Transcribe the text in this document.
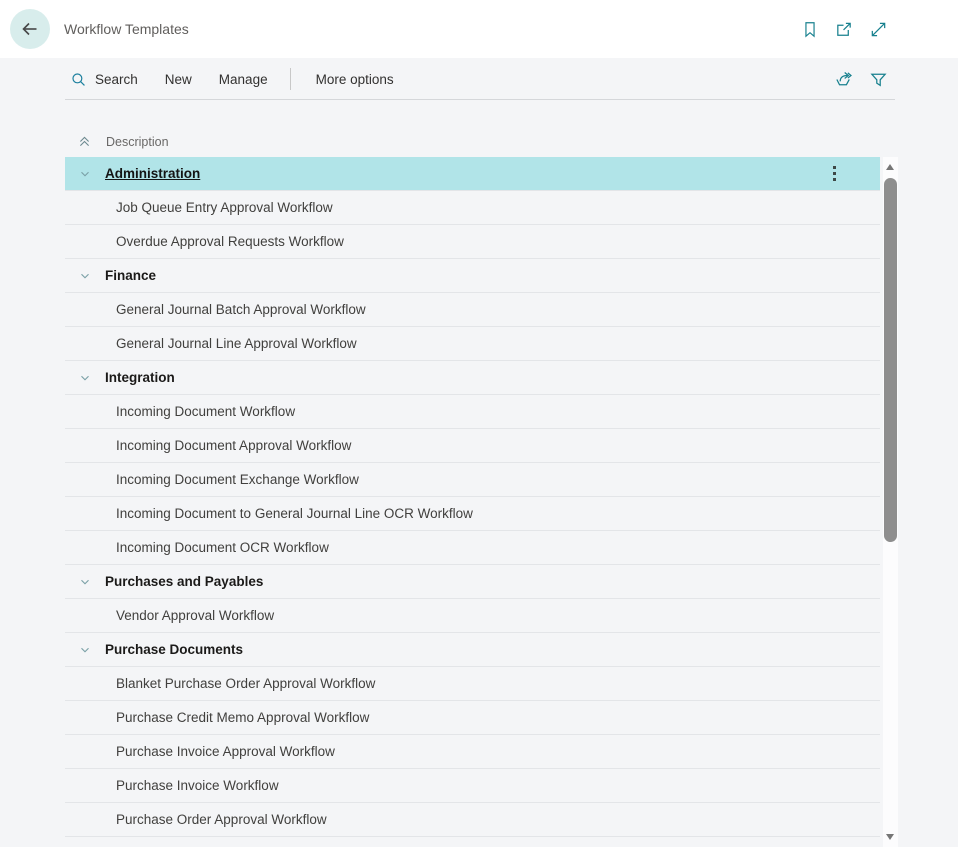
Workflow Templates
Search New Manage	More options
Description
Administration
Job Queue Entry Approval Workflow
Overdue Approval Requests Workflow
Finance
General Journal Batch Approval Workflow
General Journal Line Approval Workflow
Integration
Incoming Document Workflow
Incoming Document Approval Workflow
Incoming Document Exchange Workflow
Incoming Document to General Journal Line OCR Workflow
Incoming Document OCR Workflow
Purchases and Payables
Vendor Approval Workflow
Purchase Documents
Blanket Purchase Order Approval Workflow
Purchase Credit Memo Approval Workflow
Purchase Invoice Approval Workflow
Purchase Invoice Workflow
Purchase Order Approval Workflow
